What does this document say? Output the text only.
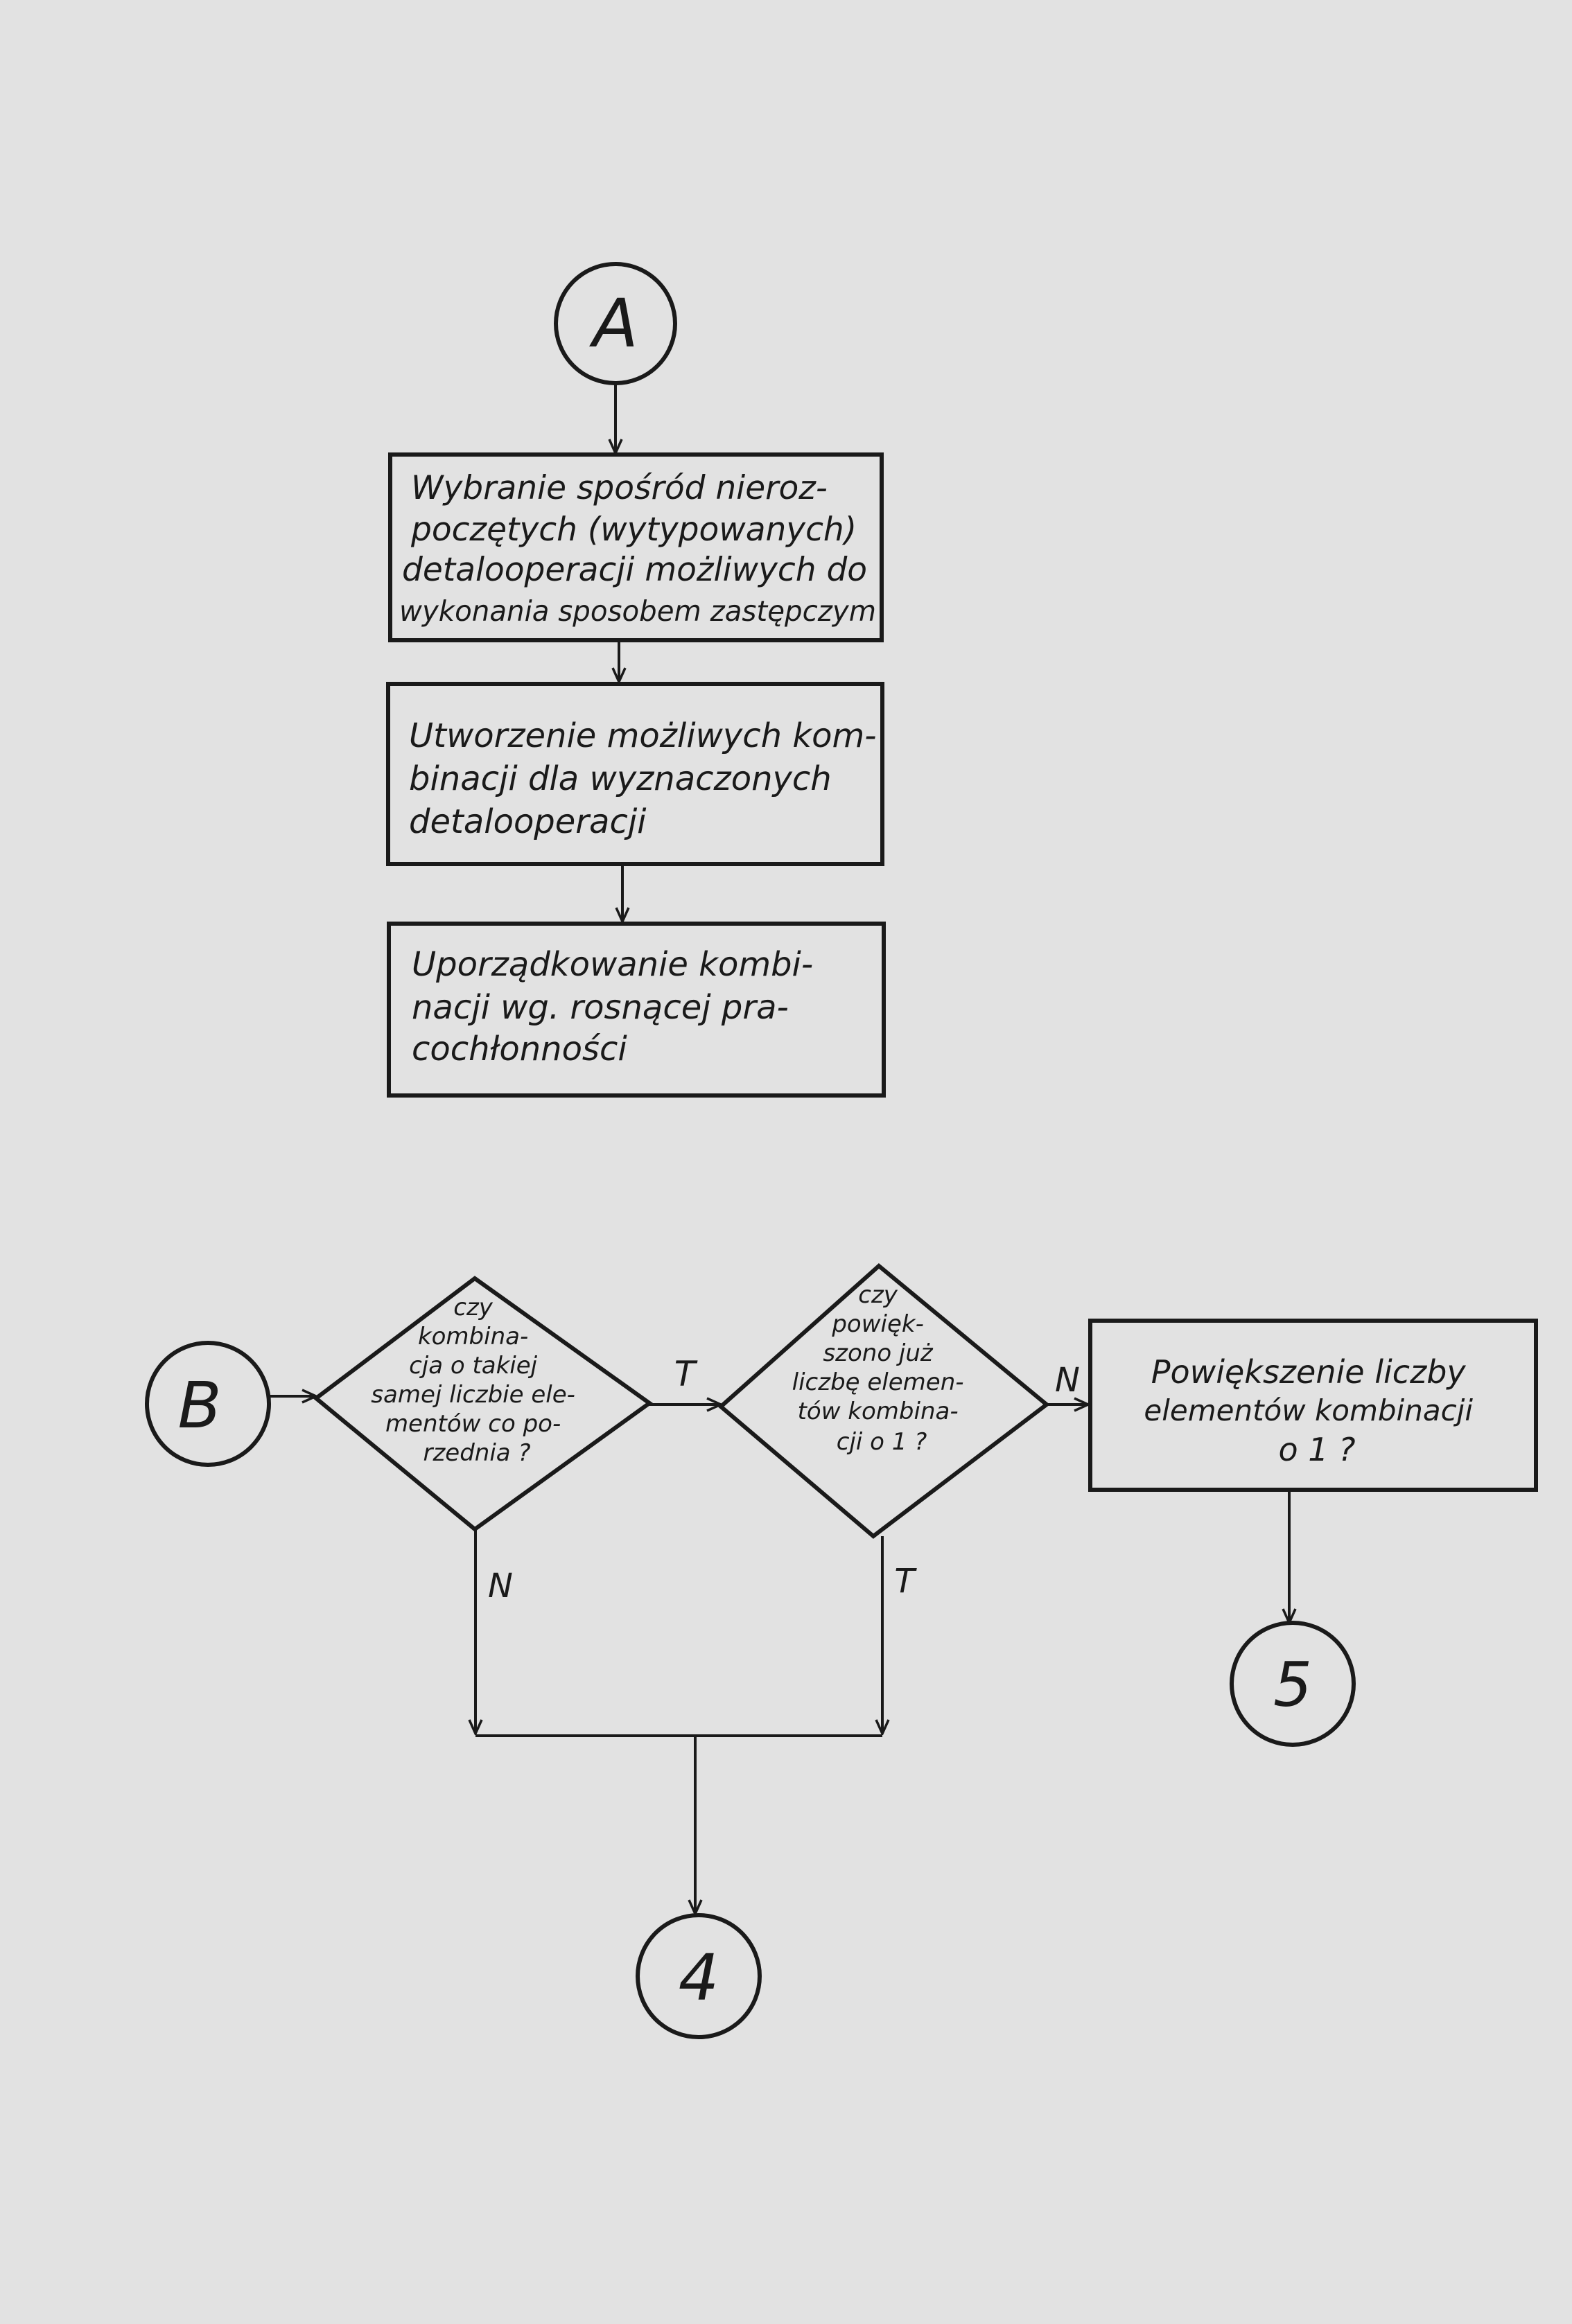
A
Wybranie spośród nieroz- poczętych (wytypowanych) detalooperacji możliwych do wykonania sposobem zastępczym
Utworzenie możliwych kom- binacji dla wyznaczonych detalooperacji
Uporządkowanie kombi- nacji wg. rosnącej pra- cochłonności
B
czy kombina- cja o takiej samej liczbie ele- mentów co po- rzednia ?
T
czy powięk- szono już liczbę elemen- tów kombina- cji o 1 ?
N Powiększenie liczby elementów kombinacji o 1 ?
5
N	T
4
